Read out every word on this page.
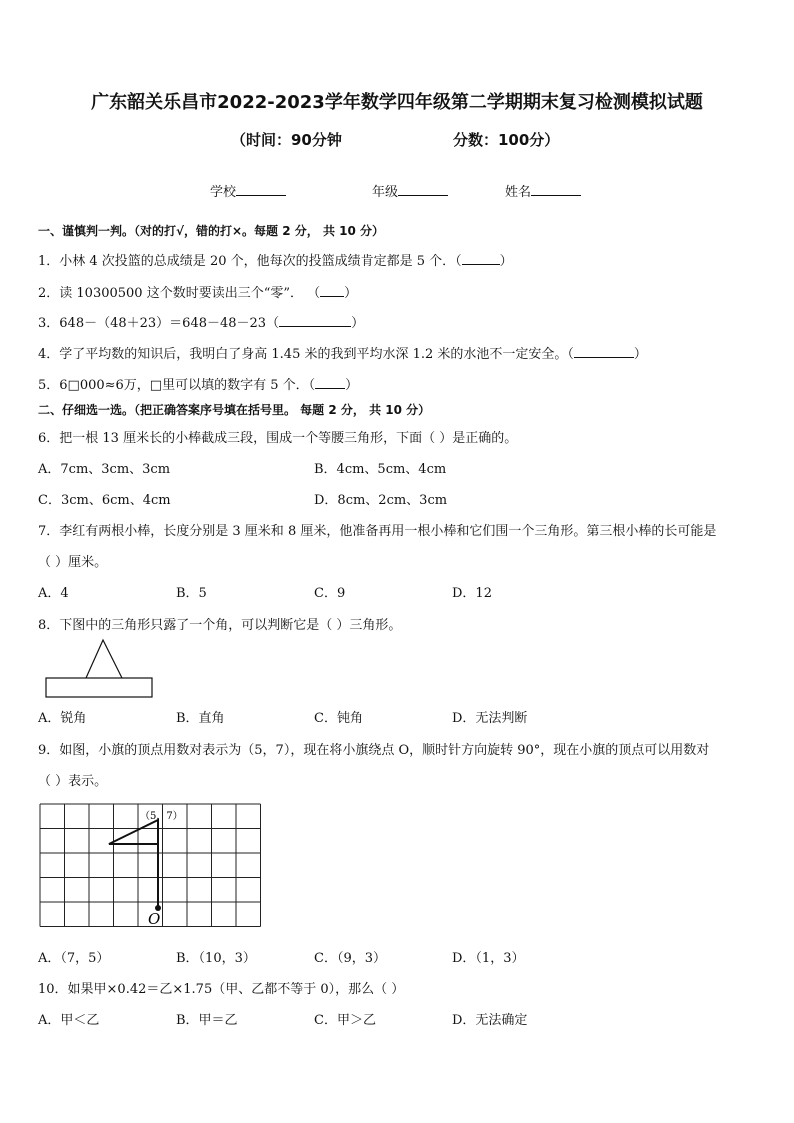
广东韶关乐昌市2022-2023学年数学四年级第二学期期末复习检测模拟试题
（时间：90分钟	分数：100分）
学校	年级	姓名
一、谨慎判一判。（对的打√，错的打×。每题 2 分， 共 10 分）
1．小林 4 次投篮的总成绩是 20 个，他每次的投篮成绩肯定都是 5 个．（	）
2．读 10300500 这个数时要读出三个“零”． （ ）
3．648－（48＋23）＝648－48－23（	）
4．学了平均数的知识后，我明白了身高 1.45 米的我到平均水深 1.2 米的水池不一定安全。（	）
5．6□000≈6万，□里可以填的数字有 5 个．（ ）
二、仔细选一选。（把正确答案序号填在括号里。 每题 2 分， 共 10 分）
6．把一根 13 厘米长的小棒截成三段，围成一个等腰三角形，下面（ ）是正确的。
A．7cm、3cm、3cm	B．4cm、5cm、4cm
C．3cm、6cm、4cm	D．8cm、2cm、3cm
7．李红有两根小棒，长度分别是 3 厘米和 8 厘米，他准备再用一根小棒和它们围一个三角形。第三根小棒的长可能是
（ ）厘米。
A．4	B．5	C．9	D．12
8．下图中的三角形只露了一个角，可以判断它是（ ）三角形。
A．锐角	B．直角	C．钝角	D．无法判断
9．如图，小旗的顶点用数对表示为（5，7），现在将小旗绕点 O，顺时针方向旋转 90°，现在小旗的顶点可以用数对
（ ）表示。
（5，7）
O
A．（7，5）	B．（10，3）	C．（9，3）	D．（1，3）
10．如果甲×0.42＝乙×1.75（甲、乙都不等于 0），那么（ ）
A．甲＜乙	B．甲＝乙	C．甲＞乙	D．无法确定
